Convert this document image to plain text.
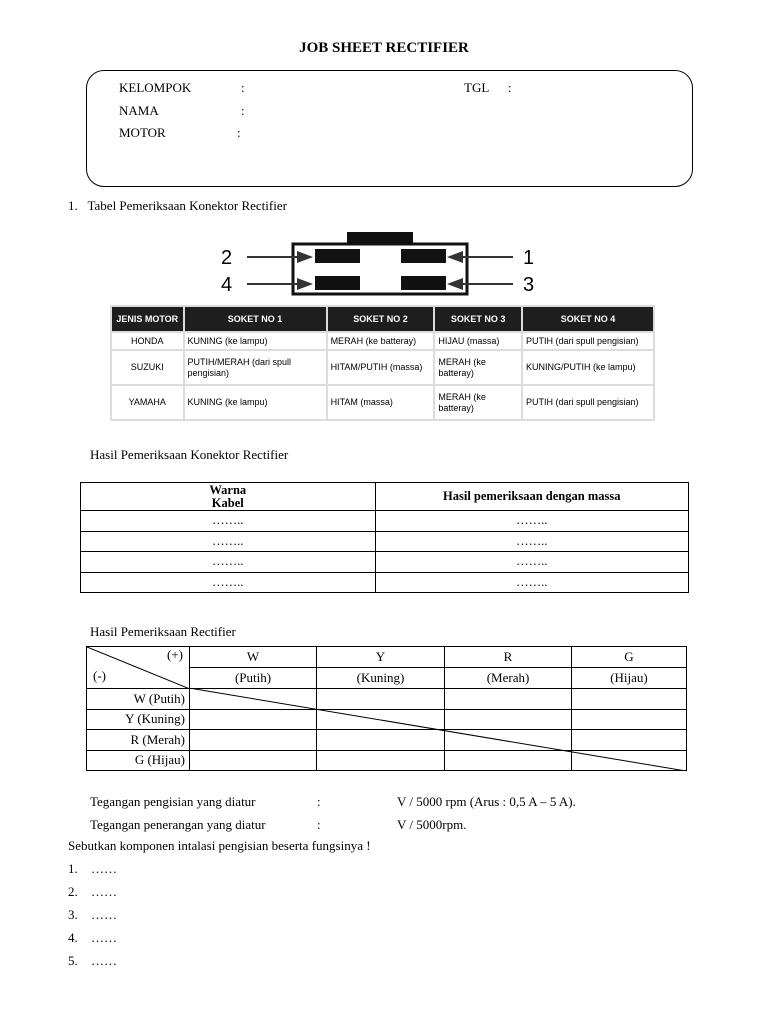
JOB SHEET RECTIFIER
KELOMPOK	:	TGL :
NAMA	:
MOTOR	:
1.   Tabel Pemeriksaan Konektor Rectifier
2
4
1
3
JENIS MOTOR	SOKET NO 1	SOKET NO 2	SOKET NO 3	SOKET NO 4
HONDA	KUNING (ke lampu)	MERAH (ke batteray)	HIJAU (massa)	PUTIH (dari spull pengisian)
SUZUKI	PUTIH/MERAH (dari spull pengisian)	HITAM/PUTIH (massa)	MERAH (ke batteray)	KUNING/PUTIH (ke lampu)
YAMAHA	KUNING (ke lampu)	HITAM (massa)	MERAH (ke batteray)	PUTIH (dari spull pengisian)
Hasil Pemeriksaan Konektor Rectifier
Warna Kabel	Hasil pemeriksaan dengan massa
……..	……..
……..	……..
……..	……..
……..	……..
Hasil Pemeriksaan Rectifier
(+)
(-)	W	Y	R	G
	(Putih)	(Kuning)	(Merah)	(Hijau)
W (Putih)				
Y (Kuning)				
R (Merah)				
G (Hijau)				
Tegangan pengisian yang diatur	:	V / 5000 rpm (Arus : 0,5 A – 5 A).
Tegangan penerangan yang diatur	:	V / 5000rpm.
Sebutkan komponen intalasi pengisian beserta fungsinya !
1. ……
2. ……
3. ……
4. ……
5. ……
